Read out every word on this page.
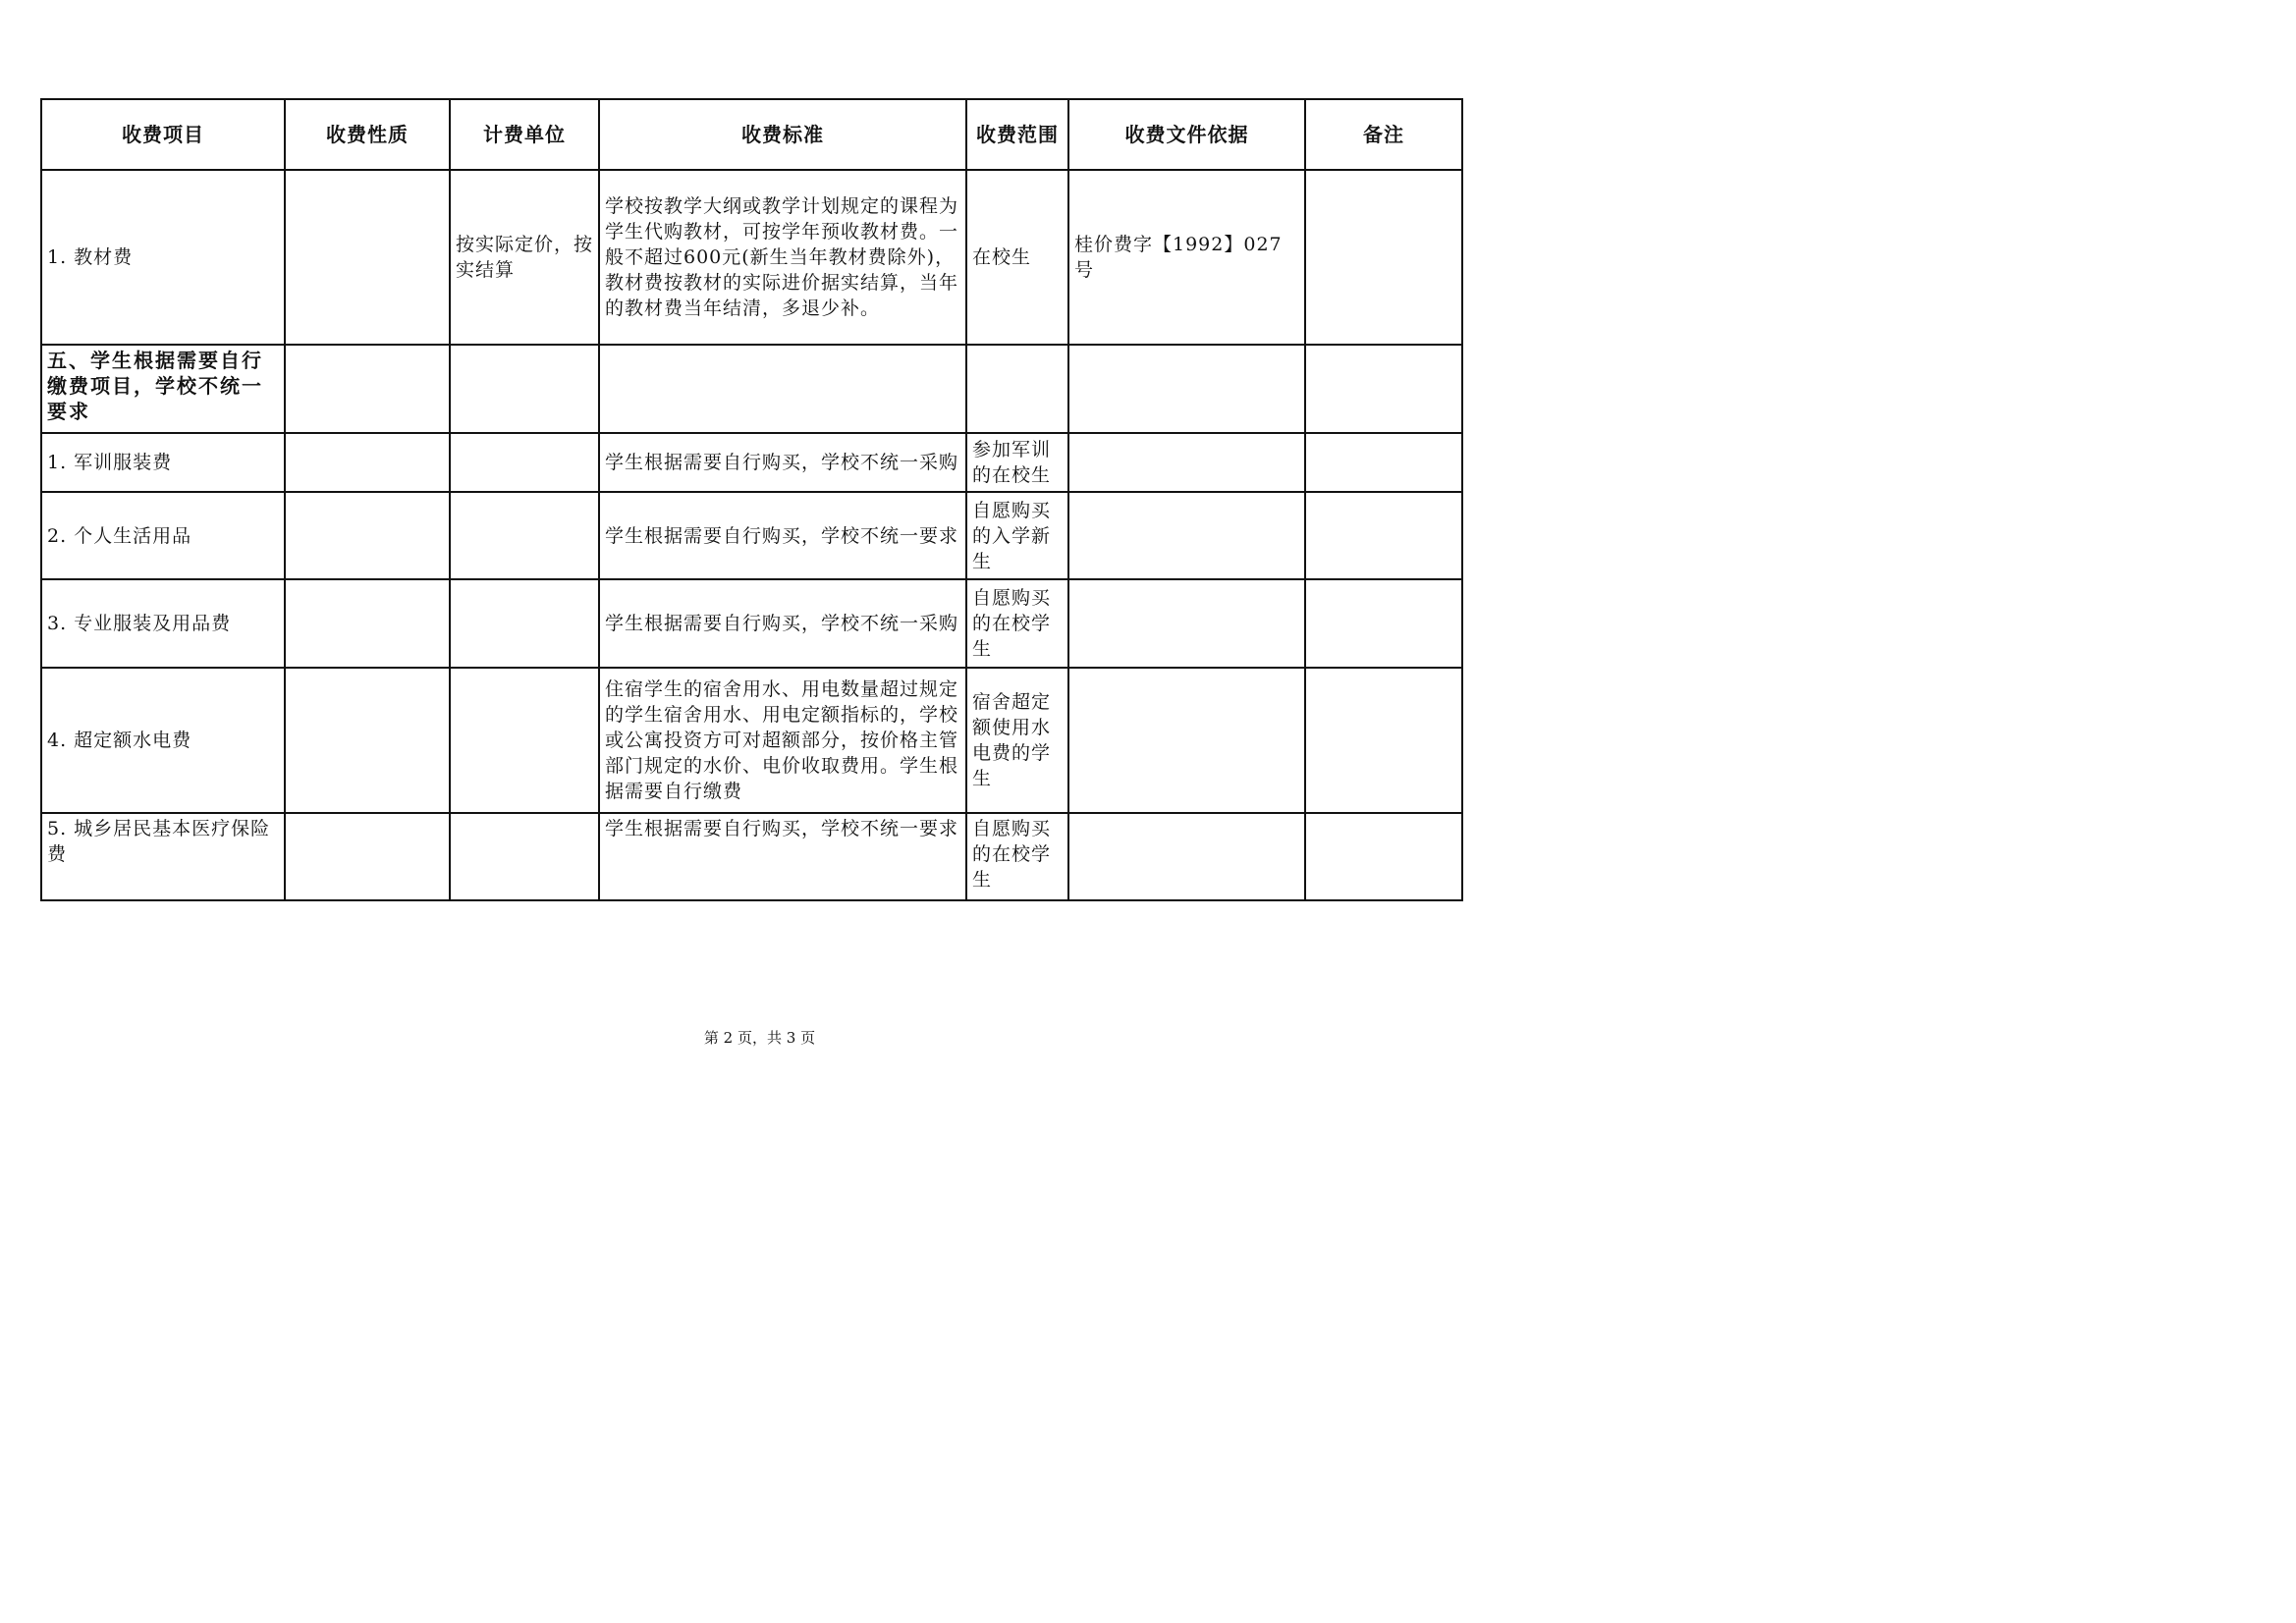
收费项目	收费性质	计费单位	收费标准	收费范围	收费文件依据	备注
1. 教材费		按实际定价，按实结算	学校按教学大纲或教学计划规定的课程为学生代购教材，可按学年预收教材费。一般不超过600元(新生当年教材费除外)，教材费按教材的实际进价据实结算，当年的教材费当年结清，多退少补。	在校生	桂价费字【1992】027号	
五、学生根据需要自行缴费项目，学校不统一要求						
1. 军训服装费			学生根据需要自行购买，学校不统一采购	参加军训的在校生		
2. 个人生活用品			学生根据需要自行购买，学校不统一要求	自愿购买的入学新生		
3. 专业服装及用品费			学生根据需要自行购买，学校不统一采购	自愿购买的在校学生		
4. 超定额水电费			住宿学生的宿舍用水、用电数量超过规定的学生宿舍用水、用电定额指标的，学校或公寓投资方可对超额部分，按价格主管部门规定的水价、电价收取费用。学生根据需要自行缴费	宿舍超定额使用水电费的学生		
5. 城乡居民基本医疗保险费			学生根据需要自行购买，学校不统一要求	自愿购买的在校学生		
第 2 页，共 3 页
